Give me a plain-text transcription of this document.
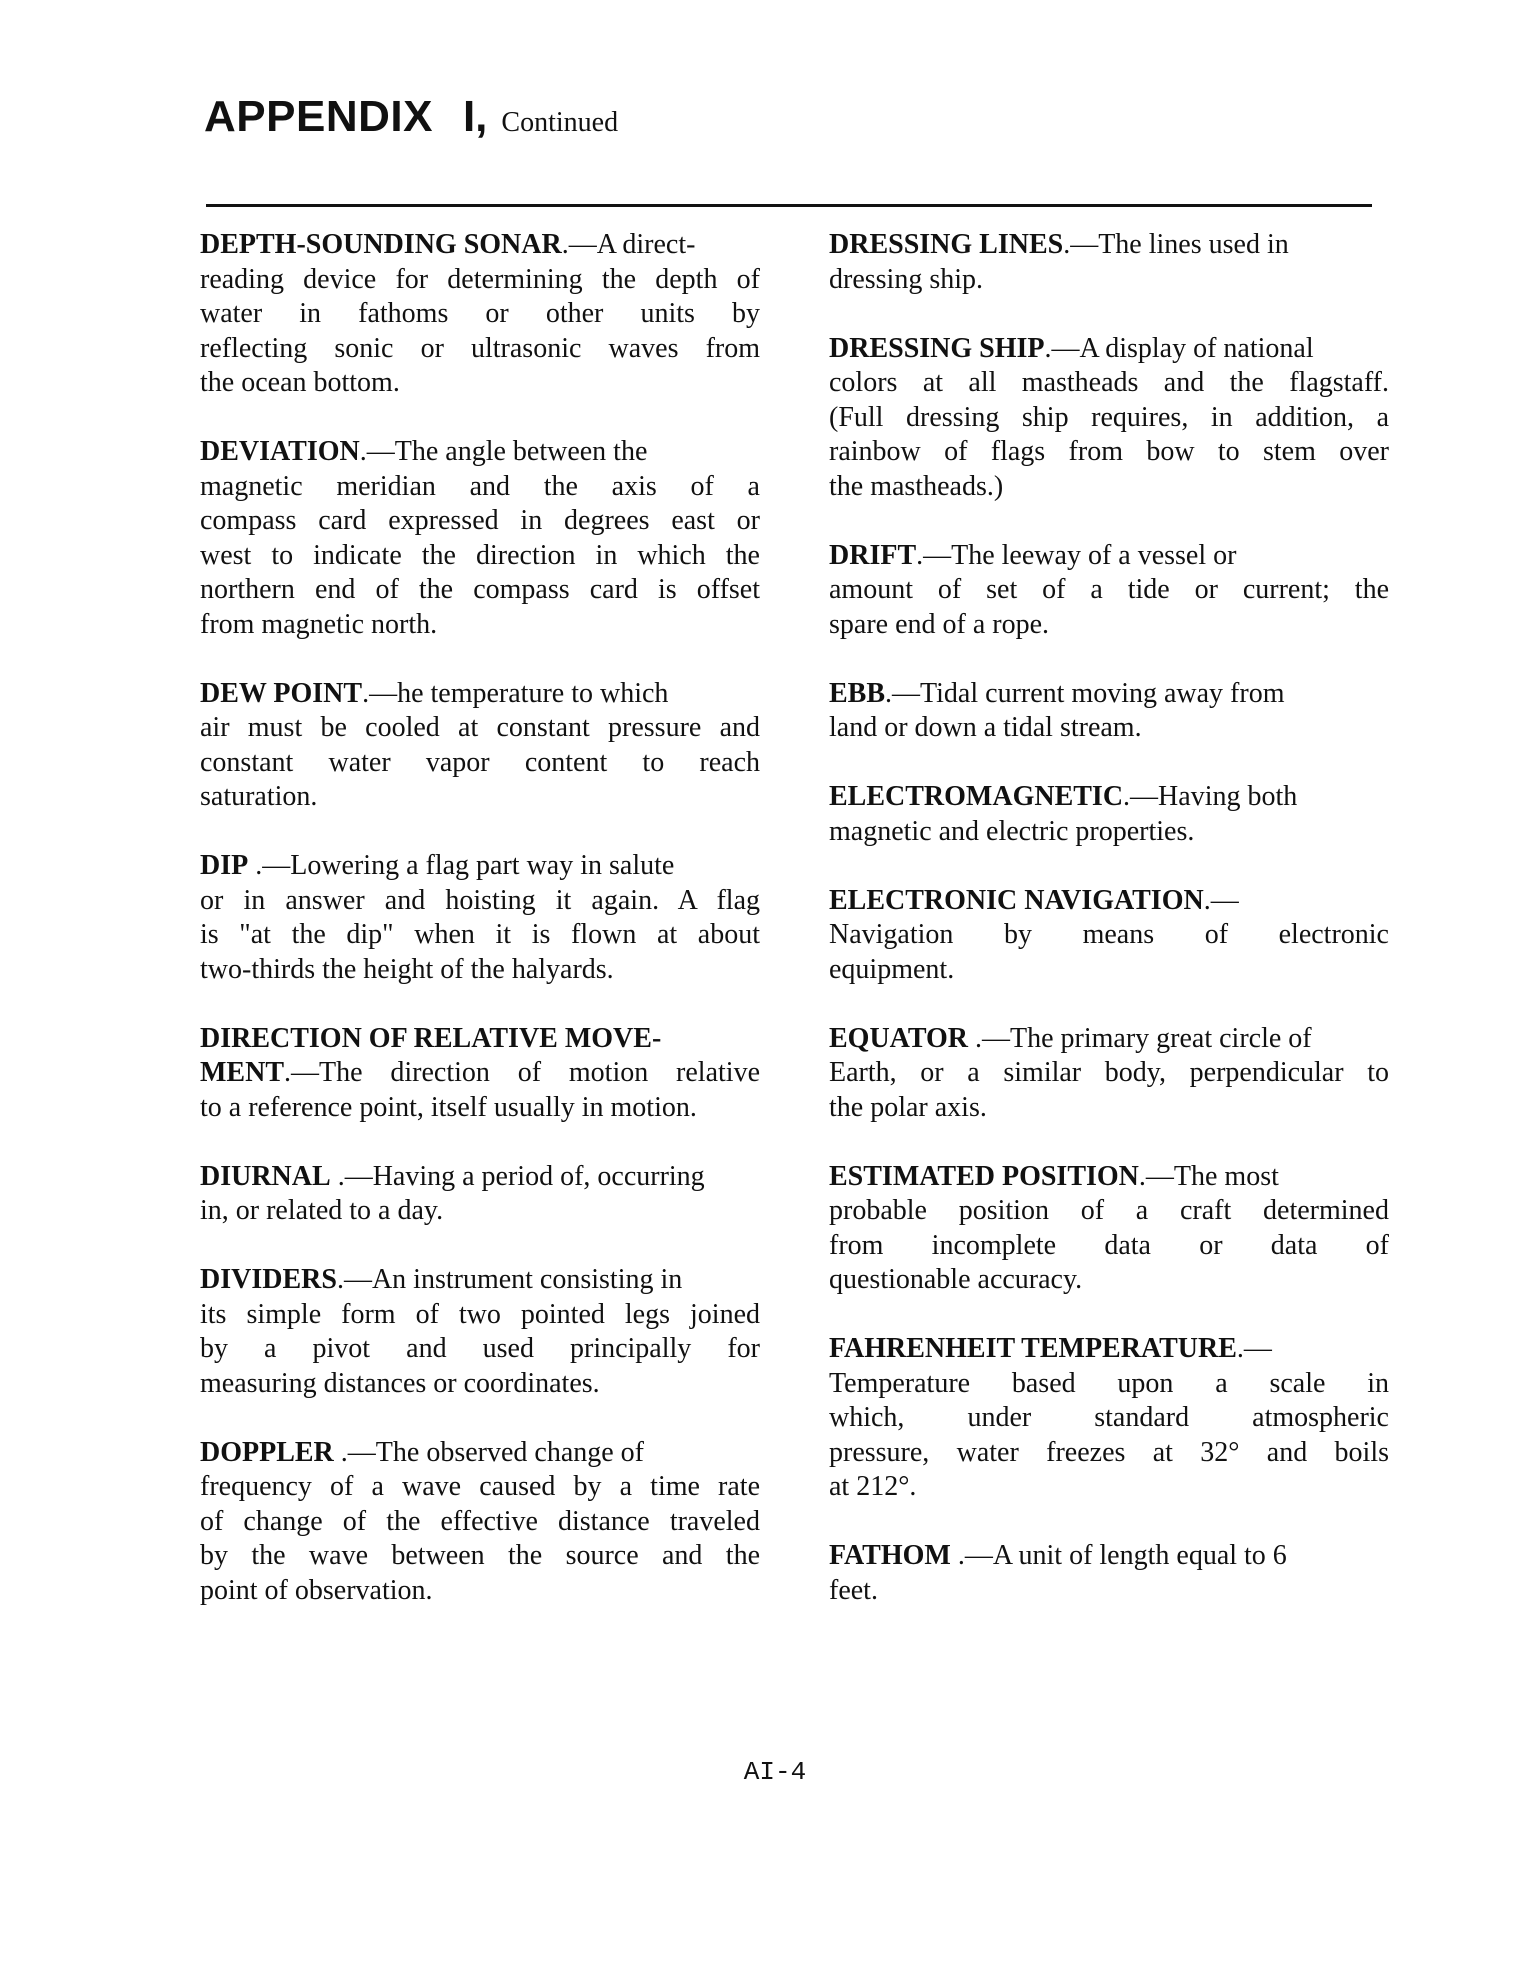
APPENDIX I, Continued
DEPTH-SOUNDING SONAR.—A direct-
reading device for determining the depth of
water in fathoms or other units by
reflecting sonic or ultrasonic waves from
the ocean bottom.
DEVIATION.—The angle between the
magnetic meridian and the axis of a
compass card expressed in degrees east or
west to indicate the direction in which the
northern end of the compass card is offset
from magnetic north.
DEW POINT.—he temperature to which
air must be cooled at constant pressure and
constant water vapor content to reach
saturation.
DIP .—Lowering a flag part way in salute
or in answer and hoisting it again. A flag
is "at the dip" when it is flown at about
two-thirds the height of the halyards.
DIRECTION OF RELATIVE MOVE-
MENT.—The direction of motion relative
to a reference point, itself usually in motion.
DIURNAL .—Having a period of, occurring
in, or related to a day.
DIVIDERS.—An instrument consisting in
its simple form of two pointed legs joined
by a pivot and used principally for
measuring distances or coordinates.
DOPPLER .—The observed change of
frequency of a wave caused by a time rate
of change of the effective distance traveled
by the wave between the source and the
point of observation.
DRESSING LINES.—The lines used in
dressing ship.
DRESSING SHIP.—A display of national
colors at all mastheads and the flagstaff.
(Full dressing ship requires, in addition, a
rainbow of flags from bow to stem over
the mastheads.)
DRIFT.—The leeway of a vessel or
amount of set of a tide or current; the
spare end of a rope.
EBB.—Tidal current moving away from
land or down a tidal stream.
ELECTROMAGNETIC.—Having both
magnetic and electric properties.
ELECTRONIC NAVIGATION.—
Navigation by means of electronic
equipment.
EQUATOR .—The primary great circle of
Earth, or a similar body, perpendicular to
the polar axis.
ESTIMATED POSITION.—The most
probable position of a craft determined
from incomplete data or data of
questionable accuracy.
FAHRENHEIT TEMPERATURE.—
Temperature based upon a scale in
which, under standard atmospheric
pressure, water freezes at 32° and boils
at 212°.
FATHOM .—A unit of length equal to 6
feet.
AI-4
